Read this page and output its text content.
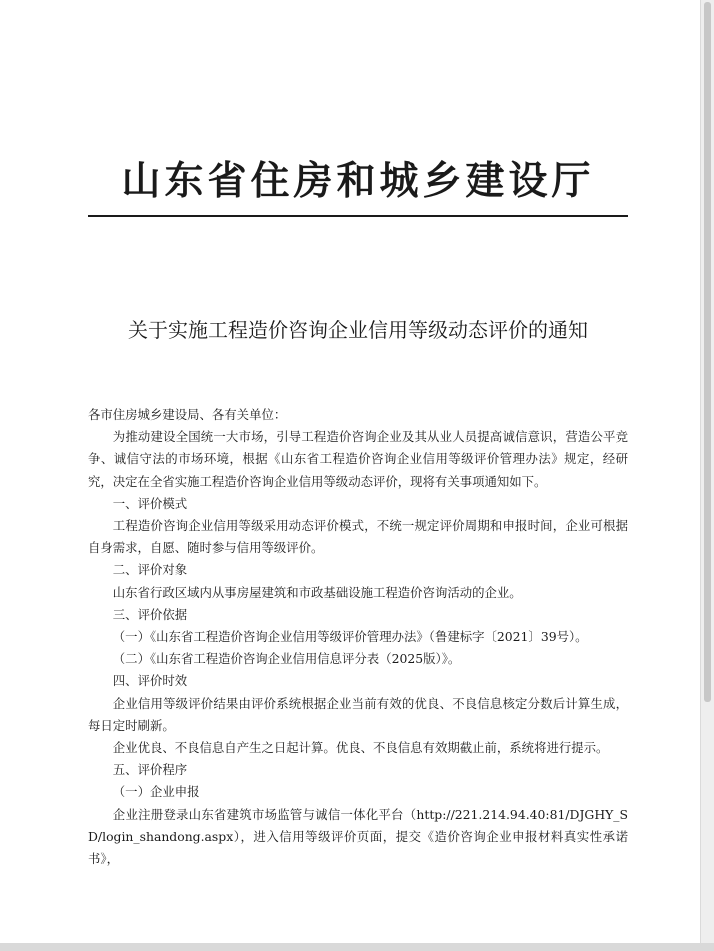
山东省住房和城乡建设厅
关于实施工程造价咨询企业信用等级动态评价的通知

各市住房城乡建设局、各有关单位：

为推动建设全国统一大市场，引导工程造价咨询企业及其从业人员提高诚信意识，营造公平竞争、诚信守法的市场环境，根据《山东省工程造价咨询企业信用等级评价管理办法》规定，经研究，决定在全省实施工程造价咨询企业信用等级动态评价，现将有关事项通知如下。

一、评价模式

工程造价咨询企业信用等级采用动态评价模式，不统一规定评价周期和申报时间，企业可根据自身需求，自愿、随时参与信用等级评价。

二、评价对象

山东省行政区域内从事房屋建筑和市政基础设施工程造价咨询活动的企业。

三、评价依据

（一）《山东省工程造价咨询企业信用等级评价管理办法》（鲁建标字〔2021〕39号）。

（二）《山东省工程造价咨询企业信用信息评分表（2025版）》。

四、评价时效

企业信用等级评价结果由评价系统根据企业当前有效的优良、不良信息核定分数后计算生成，每日定时刷新。

企业优良、不良信息自产生之日起计算。优良、不良信息有效期截止前，系统将进行提示。

五、评价程序

（一）企业申报

企业注册登录山东省建筑市场监管与诚信一体化平台（http://221.214.94.40:81/DJGHY_SD/login_shandong.aspx），进入信用等级评价页面，提交《造价咨询企业申报材料真实性承诺书》，
